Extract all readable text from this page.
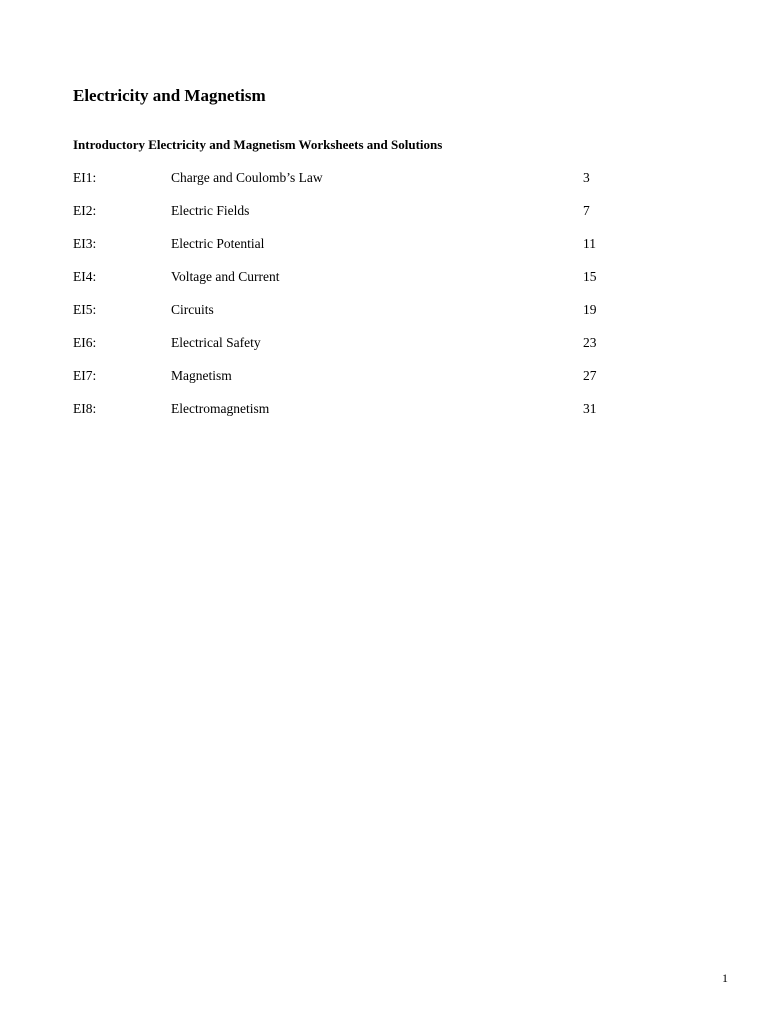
Electricity and Magnetism
Introductory Electricity and Magnetism Worksheets and Solutions
EI1:	Charge and Coulomb’s Law	3
EI2:	Electric Fields	7
EI3:	Electric Potential	11
EI4:	Voltage and Current	15
EI5:	Circuits	19
EI6:	Electrical Safety	23
EI7:	Magnetism	27
EI8:	Electromagnetism	31
1
